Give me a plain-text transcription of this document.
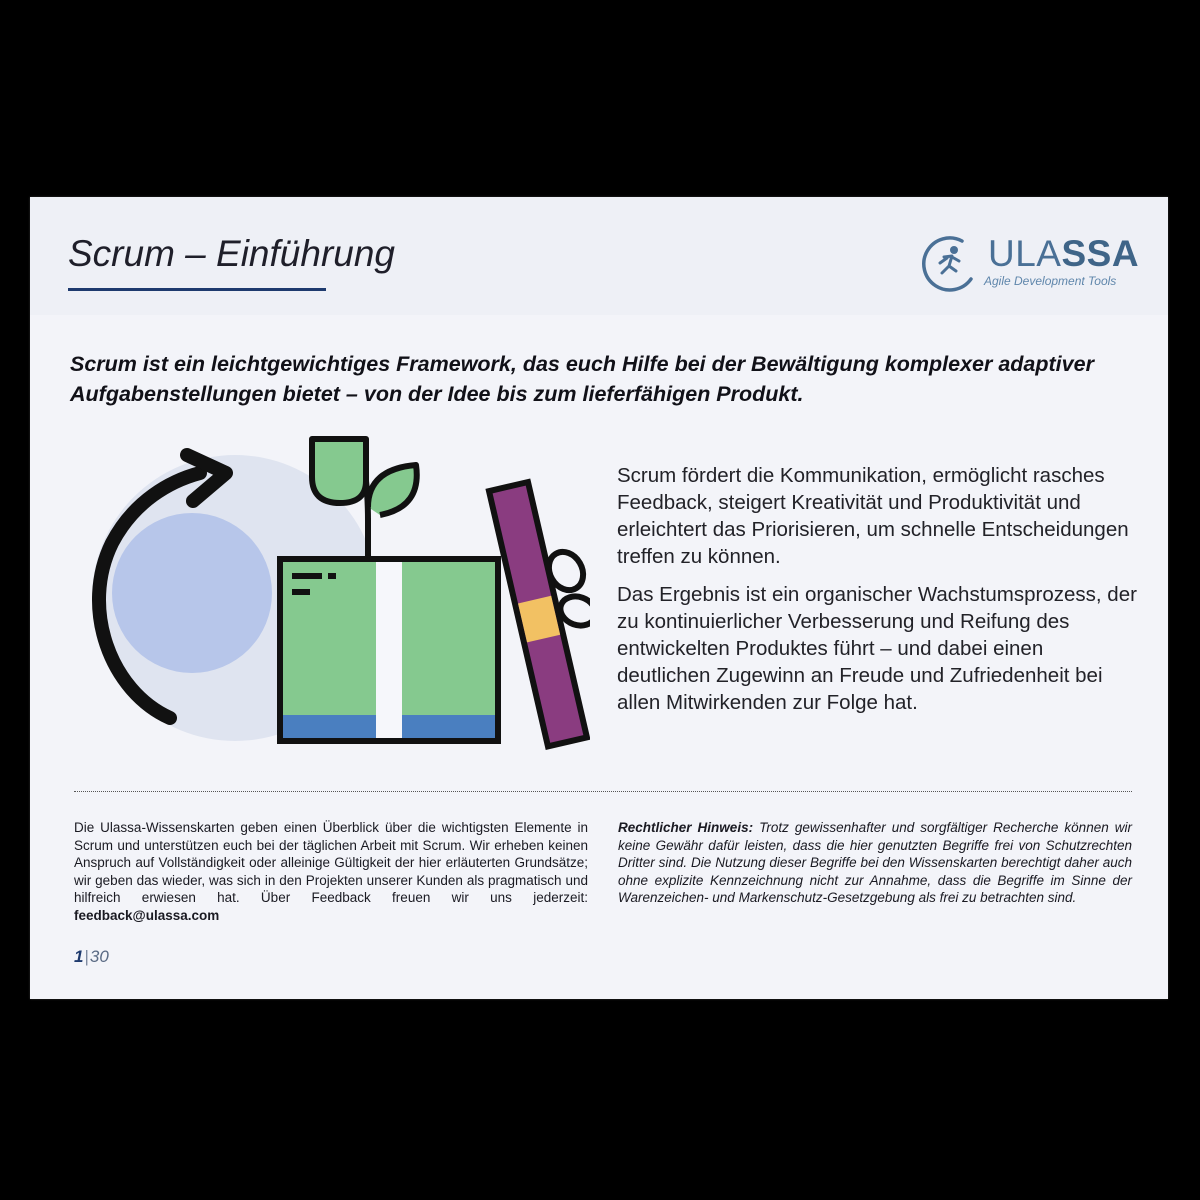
Scrum – Einführung	ULASSA
Agile Development Tools
Scrum ist ein leichtgewichtiges Framework, das euch Hilfe bei der Bewältigung komplexer adaptiver Aufgabenstellungen bietet – von der Idee bis zum lieferfähigen Produkt.

Scrum fördert die Kommunikation, ermöglicht rasches Feedback, steigert Kreativität und Produktivität und erleichtert das Priorisieren, um schnelle Entscheidungen treffen zu können.

Das Ergebnis ist ein organischer Wachstumsprozess, der zu kontinuierlicher Verbesserung und Reifung des entwickelten Produktes führt – und dabei einen deutlichen Zugewinn an Freude und Zufriedenheit bei allen Mitwirkenden zur Folge hat.

Die Ulassa-Wissenskarten geben einen Überblick über die wichtigsten Elemente in Scrum und unterstützen euch bei der täglichen Arbeit mit Scrum. Wir erheben keinen Anspruch auf Vollständigkeit oder alleinige Gültigkeit der hier erläuterten Grundsätze; wir geben das wieder, was sich in den Projekten unserer Kunden als pragmatisch und hilfreich erwiesen hat. Über Feedback freuen wir uns jederzeit: feedback@ulassa.com
Rechtlicher Hinweis: Trotz gewissenhafter und sorgfältiger Recherche können wir keine Gewähr dafür leisten, dass die hier genutzten Begriffe frei von Schutzrechten Dritter sind. Die Nutzung dieser Begriffe bei den Wissenskarten berechtigt daher auch ohne explizite Kennzeichnung nicht zur Annahme, dass die Begriffe im Sinne der Warenzeichen- und Markenschutz-Gesetzgebung als frei zu betrachten sind.
1|30
